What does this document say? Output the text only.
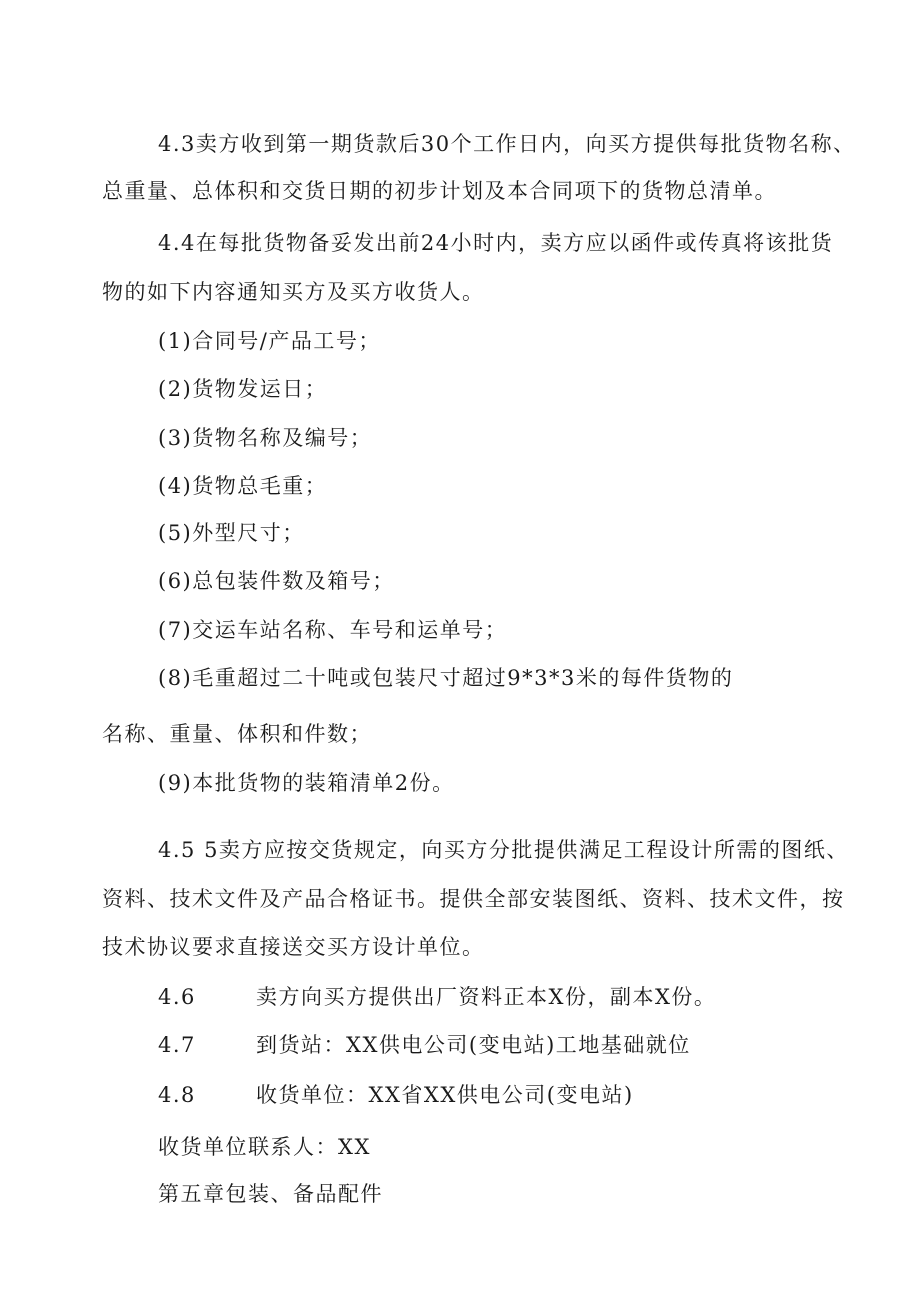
4.3卖方收到第一期货款后30个工作日内，向买方提供每批货物名称、
总重量、总体积和交货日期的初步计划及本合同项下的货物总清单。
4.4在每批货物备妥发出前24小时内，卖方应以函件或传真将该批货
物的如下内容通知买方及买方收货人。
(1)合同号/产品工号；
(2)货物发运日；
(3)货物名称及编号；
(4)货物总毛重；
(5)外型尺寸；
(6)总包装件数及箱号；
(7)交运车站名称、车号和运单号；
(8)毛重超过二十吨或包装尺寸超过9*3*3米的每件货物的
名称、重量、体积和件数；
(9)本批货物的装箱清单2份。
4.5 5卖方应按交货规定，向买方分批提供满足工程设计所需的图纸、
资料、技术文件及产品合格证书。提供全部安装图纸、资料、技术文件，按
技术协议要求直接送交买方设计单位。
4.6	卖方向买方提供出厂资料正本X份，副本X份。
4.7	到货站：XX供电公司(变电站)工地基础就位
4.8	收货单位：XX省XX供电公司(变电站)
收货单位联系人：XX
第五章包装、备品配件
